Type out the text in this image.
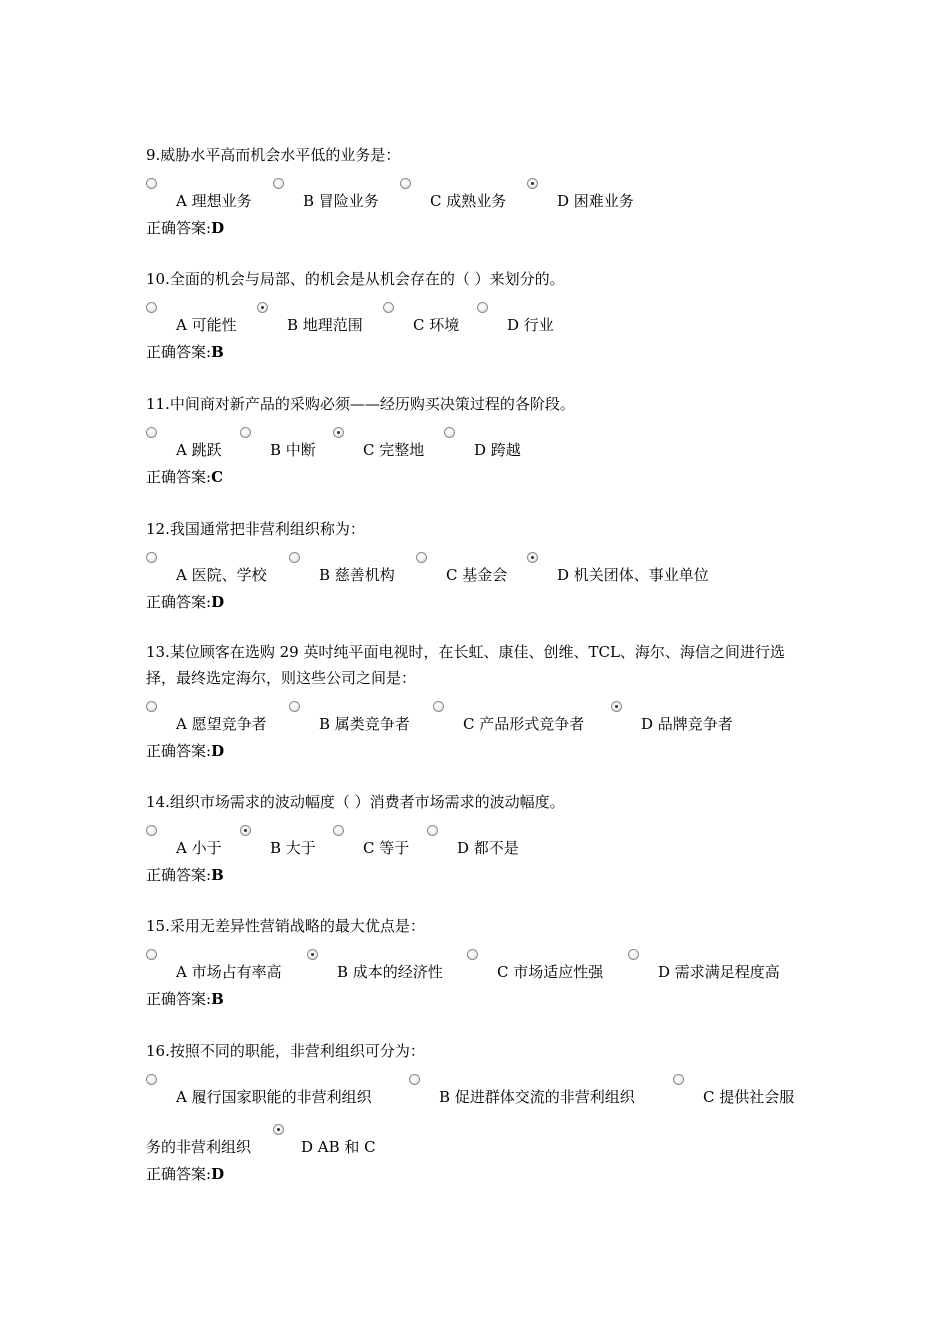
9.威胁水平高而机会水平低的业务是：
A 理想业务	B 冒险业务	C 成熟业务	D 困难业务
正确答案:D
10.全面的机会与局部、的机会是从机会存在的（ ）来划分的。
A 可能性	B 地理范围	C 环境	D 行业
正确答案:B
11.中间商对新产品的采购必须——经历购买决策过程的各阶段。
A 跳跃	B 中断	C 完整地	D 跨越
正确答案:C
12.我国通常把非营利组织称为：
A 医院、学校	B 慈善机构	C 基金会	D 机关团体、事业单位
正确答案:D
13.某位顾客在选购 29 英吋纯平面电视时，在长虹、康佳、创维、TCL、海尔、海信之间进行选择，最终选定海尔，则这些公司之间是：
A 愿望竞争者	B 属类竞争者	C 产品形式竞争者	D 品牌竞争者
正确答案:D
14.组织市场需求的波动幅度（ ）消费者市场需求的波动幅度。
A 小于	B 大于	C 等于	D 都不是
正确答案:B
15.采用无差异性营销战略的最大优点是：
A 市场占有率高	B 成本的经济性	C 市场适应性强	D 需求满足程度高
正确答案:B
16.按照不同的职能，非营利组织可分为：
A 履行国家职能的非营利组织	B 促进群体交流的非营利组织	C 提供社会服
务的非营利组织	D AB 和 C
正确答案:D
